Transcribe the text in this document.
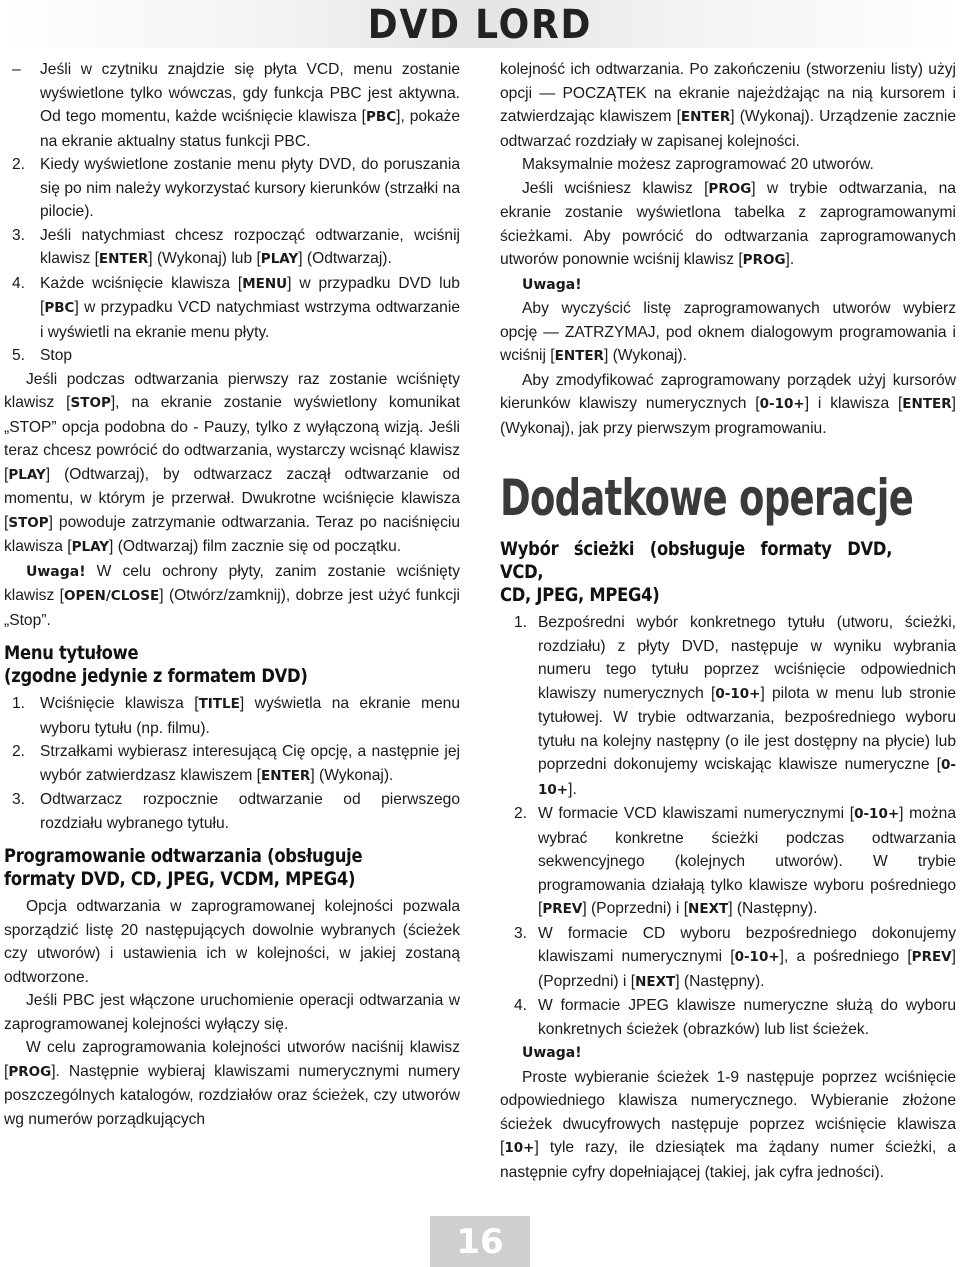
DVD LORD

– Jeśli w czytniku znajdzie się płyta VCD, menu zostanie wyświetlone tylko wówczas, gdy funkcja PBC jest aktywna. Od tego momentu, każde wciśnięcie klawisza [PBC], pokaże na ekranie aktualny status funkcji PBC.

2. Kiedy wyświetlone zostanie menu płyty DVD, do poruszania się po nim należy wykorzystać kursory kierunków (strzałki na pilocie).

3. Jeśli natychmiast chcesz rozpocząć odtwarzanie, wciśnij klawisz [ENTER] (Wykonaj) lub [PLAY] (Odtwarzaj).

4. Każde wciśnięcie klawisza [MENU] w przypadku DVD lub [PBC] w przypadku VCD natychmiast wstrzyma odtwarzanie i wyświetli na ekranie menu płyty.

5. Stop

Jeśli podczas odtwarzania pierwszy raz zostanie wciśnięty klawisz [STOP], na ekranie zostanie wyświetlony komunikat „STOP” opcja podobna do - Pauzy, tylko z wyłączoną wizją. Jeśli teraz chcesz powrócić do odtwarzania, wystarczy wcisnąć klawisz [PLAY] (Odtwarzaj), by odtwarzacz zaczął odtwarzanie od momentu, w którym je przerwał. Dwukrotne wciśnięcie klawisza [STOP] powoduje zatrzymanie odtwarzania. Teraz po naciśnięciu klawisza [PLAY] (Odtwarzaj) film zacznie się od początku.

Uwaga! W celu ochrony płyty, zanim zostanie wciśnięty klawisz [OPEN/CLOSE] (Otwórz/zamknij), dobrze jest użyć funkcji „Stop”.

Menu tytułowe
(zgodne jedynie z formatem DVD)

1. Wciśnięcie klawisza [TITLE] wyświetla na ekranie menu wyboru tytułu (np. filmu).

2. Strzałkami wybierasz interesującą Cię opcję, a następnie jej wybór zatwierdzasz klawiszem [ENTER] (Wykonaj).

3. Odtwarzacz rozpocznie odtwarzanie od pierwszego rozdziału wybranego tytułu.

Programowanie odtwarzania (obsługuje
formaty DVD, CD, JPEG, VCDM, MPEG4)

Opcja odtwarzania w zaprogramowanej kolejności pozwala sporządzić listę 20 następujących dowolnie wybranych (ścieżek czy utworów) i ustawienia ich w kolejności, w jakiej zostaną odtworzone.

Jeśli PBC jest włączone uruchomienie operacji odtwarzania w zaprogramowanej kolejności wyłączy się.

W celu zaprogramowania kolejności utworów naciśnij klawisz [PROG]. Następnie wybieraj klawiszami numerycznymi numery poszczególnych katalogów, rozdziałów oraz ścieżek, czy utworów wg numerów porządkujących

kolejność ich odtwarzania. Po zakończeniu (stworzeniu listy) użyj opcji — POCZĄTEK na ekranie najeżdżając na nią kursorem i zatwierdzając klawiszem [ENTER] (Wykonaj). Urządzenie zacznie odtwarzać rozdziały w zapisanej kolejności.

Maksymalnie możesz zaprogramować 20 utworów.

Jeśli wciśniesz klawisz [PROG] w trybie odtwarzania, na ekranie zostanie wyświetlona tabelka z zaprogramowanymi ścieżkami. Aby powrócić do odtwarzania zaprogramowanych utworów ponownie wciśnij klawisz [PROG].

Uwaga!

Aby wyczyścić listę zaprogramowanych utworów wybierz opcję — ZATRZYMAJ, pod oknem dialogowym programowania i wciśnij [ENTER] (Wykonaj).

Aby zmodyfikować zaprogramowany porządek użyj kursorów kierunków klawiszy numerycznych [0-10+] i klawisza [ENTER] (Wykonaj), jak przy pierwszym programowaniu.

Dodatkowe operacje
Wybór ścieżki (obsługuje formaty DVD, VCD,
CD, JPEG, MPEG4)

1. Bezpośredni wybór konkretnego tytułu (utworu, ścieżki, rozdziału) z płyty DVD, następuje w wyniku wybrania numeru tego tytułu poprzez wciśnięcie odpowiednich klawiszy numerycznych [0-10+] pilota w menu lub stronie tytułowej. W trybie odtwarzania, bezpośredniego wyboru tytułu na kolejny następny (o ile jest dostępny na płycie) lub poprzedni dokonujemy wciskając klawisze numeryczne [0-10+].

2. W formacie VCD klawiszami numerycznymi [0-10+] można wybrać konkretne ścieżki podczas odtwarzania sekwencyjnego (kolejnych utworów). W trybie programowania działają tylko klawisze wyboru pośredniego [PREV] (Poprzedni) i [NEXT] (Następny).

3. W formacie CD wyboru bezpośredniego dokonujemy klawiszami numerycznymi [0-10+], a pośredniego [PREV] (Poprzedni) i [NEXT] (Następny).

4. W formacie JPEG klawisze numeryczne służą do wyboru konkretnych ścieżek (obrazków) lub list ścieżek.

Uwaga!

Proste wybieranie ścieżek 1-9 następuje poprzez wciśnięcie odpowiedniego klawisza numerycznego. Wybieranie złożone ścieżek dwucyfrowych następuje poprzez wciśnięcie klawisza [10+] tyle razy, ile dziesiątek ma żądany numer ścieżki, a następnie cyfry dopełniającej (takiej, jak cyfra jedności).

16
